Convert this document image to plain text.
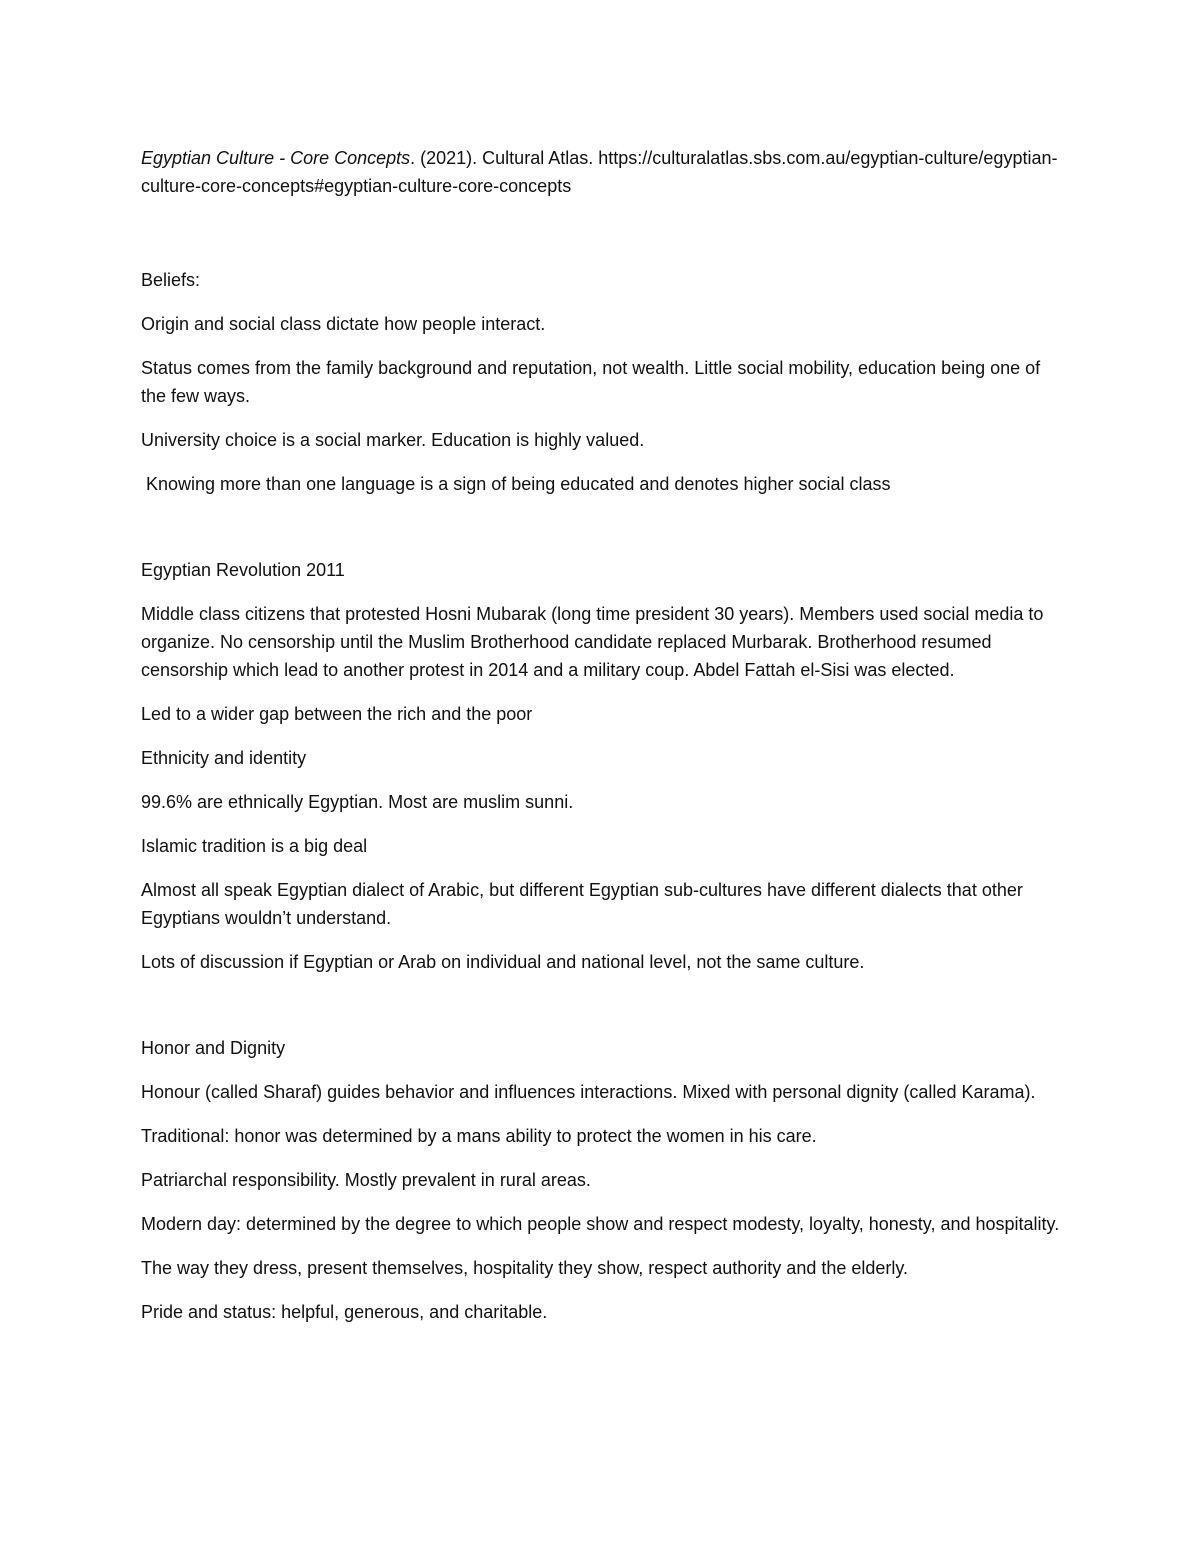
Egyptian Culture - Core Concepts. (2021). Cultural Atlas. https://culturalatlas.sbs.com.au/egyptian-culture/egyptian-culture-core-concepts#egyptian-culture-core-concepts

Beliefs:

Origin and social class dictate how people interact.

Status comes from the family background and reputation, not wealth. Little social mobility, education being one of the few ways.

University choice is a social marker. Education is highly valued.

Knowing more than one language is a sign of being educated and denotes higher social class

Egyptian Revolution 2011

Middle class citizens that protested Hosni Mubarak (long time president 30 years). Members used social media to organize. No censorship until the Muslim Brotherhood candidate replaced Murbarak. Brotherhood resumed censorship which lead to another protest in 2014 and a military coup. Abdel Fattah el-Sisi was elected.

Led to a wider gap between the rich and the poor

Ethnicity and identity

99.6% are ethnically Egyptian. Most are muslim sunni.

Islamic tradition is a big deal

Almost all speak Egyptian dialect of Arabic, but different Egyptian sub-cultures have different dialects that other Egyptians wouldn’t understand.

Lots of discussion if Egyptian or Arab on individual and national level, not the same culture.

Honor and Dignity

Honour (called Sharaf) guides behavior and influences interactions. Mixed with personal dignity (called Karama).

Traditional: honor was determined by a mans ability to protect the women in his care.

Patriarchal responsibility. Mostly prevalent in rural areas.

Modern day: determined by the degree to which people show and respect modesty, loyalty, honesty, and hospitality.

The way they dress, present themselves, hospitality they show, respect authority and the elderly.

Pride and status: helpful, generous, and charitable.
